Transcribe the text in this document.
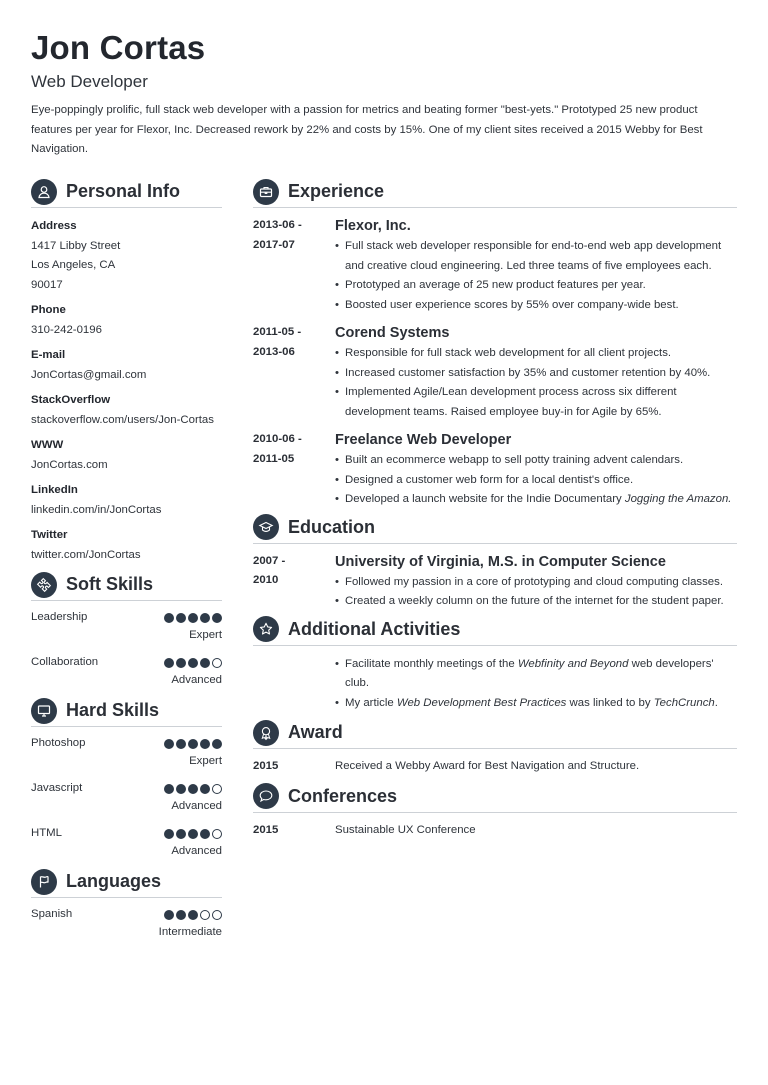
Jon Cortas
Web Developer
Eye-poppingly prolific, full stack web developer with a passion for metrics and beating former "best-yets." Prototyped 25 new product features per year for Flexor, Inc. Decreased rework by 22% and costs by 15%. One of my client sites received a 2015 Webby for Best Navigation.
Personal Info
Address
1417 Libby Street
Los Angeles, CA
90017
Phone
310-242-0196
E-mail
JonCortas@gmail.com
StackOverflow
stackoverflow.com/users/Jon-Cortas
WWW
JonCortas.com
LinkedIn
linkedin.com/in/JonCortas
Twitter
twitter.com/JonCortas
Soft Skills
Leadership
Expert
Collaboration
Advanced
Hard Skills
Photoshop
Expert
Javascript
Advanced
HTML
Advanced
Languages
Spanish
Intermediate
Experience
2013-06 -
2017-07
Flexor, Inc.
• Full stack web developer responsible for end-to-end web app development and creative cloud engineering. Led three teams of five employees each.
• Prototyped an average of 25 new product features per year.
• Boosted user experience scores by 55% over company-wide best.
2011-05 -
2013-06
Corend Systems
• Responsible for full stack web development for all client projects.
• Increased customer satisfaction by 35% and customer retention by 40%.
• Implemented Agile/Lean development process across six different development teams. Raised employee buy-in for Agile by 65%.
2010-06 -
2011-05
Freelance Web Developer
• Built an ecommerce webapp to sell potty training advent calendars.
• Designed a customer web form for a local dentist's office.
• Developed a launch website for the Indie Documentary Jogging the Amazon.
Education
2007 -
2010
University of Virginia, M.S. in Computer Science
• Followed my passion in a core of prototyping and cloud computing classes.
• Created a weekly column on the future of the internet for the student paper.
Additional Activities
• Facilitate monthly meetings of the Webfinity and Beyond web developers' club.
• My article Web Development Best Practices was linked to by TechCrunch.
Award
2015	Received a Webby Award for Best Navigation and Structure.
Conferences
2015	Sustainable UX Conference
